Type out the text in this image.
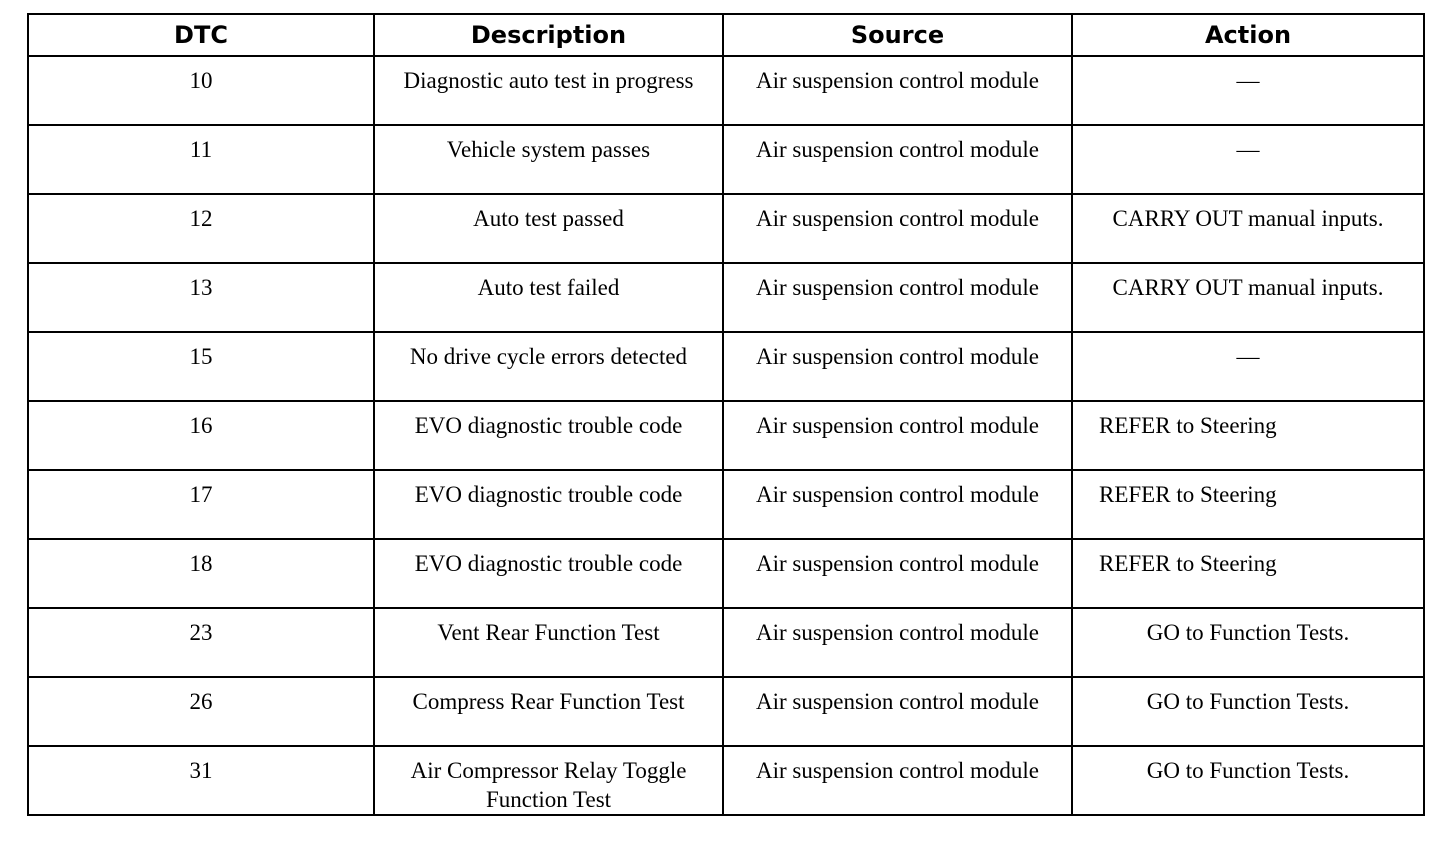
DTC	Description	Source	Action
10	Diagnostic auto test in progress	Air suspension control module	—
11	Vehicle system passes	Air suspension control module	—
12	Auto test passed	Air suspension control module	CARRY OUT manual inputs.
13	Auto test failed	Air suspension control module	CARRY OUT manual inputs.
15	No drive cycle errors detected	Air suspension control module	—
16	EVO diagnostic trouble code	Air suspension control module	REFER to Steering
17	EVO diagnostic trouble code	Air suspension control module	REFER to Steering
18	EVO diagnostic trouble code	Air suspension control module	REFER to Steering
23	Vent Rear Function Test	Air suspension control module	GO to Function Tests.
26	Compress Rear Function Test	Air suspension control module	GO to Function Tests.
31	Air Compressor Relay Toggle Function Test	Air suspension control module	GO to Function Tests.
